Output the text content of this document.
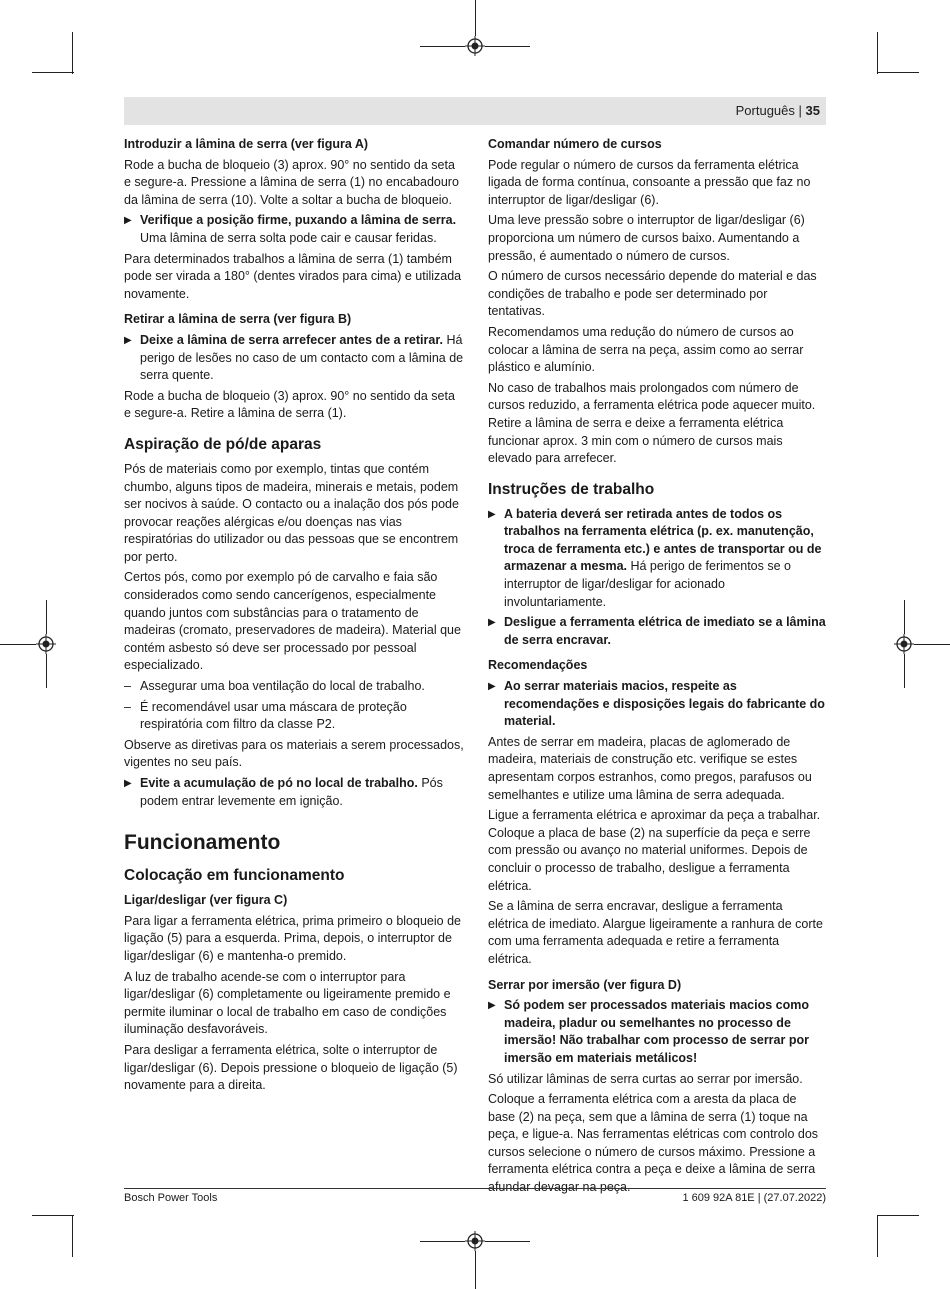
Português | 35
Introduzir a lâmina de serra (ver figura A)

Rode a bucha de bloqueio (3) aprox. 90° no sentido da seta e segure-a. Pressione a lâmina de serra (1) no encabadouro da lâmina de serra (10). Volte a soltar a bucha de bloqueio.

▶ Verifique a posição firme, puxando a lâmina de serra. Uma lâmina de serra solta pode cair e causar feridas.

Para determinados trabalhos a lâmina de serra (1) também pode ser virada a 180° (dentes virados para cima) e utilizada novamente.

Retirar a lâmina de serra (ver figura B)
▶ Deixe a lâmina de serra arrefecer antes de a retirar. Há perigo de lesões no caso de um contacto com a lâmina de serra quente.

Rode a bucha de bloqueio (3) aprox. 90° no sentido da seta e segure-a. Retire a lâmina de serra (1).

Aspiração de pó/de aparas

Pós de materiais como por exemplo, tintas que contém chumbo, alguns tipos de madeira, minerais e metais, podem ser nocivos à saúde. O contacto ou a inalação dos pós pode provocar reações alérgicas e/ou doenças nas vias respiratórias do utilizador ou das pessoas que se encontrem por perto.

Certos pós, como por exemplo pó de carvalho e faia são considerados como sendo cancerígenos, especialmente quando juntos com substâncias para o tratamento de madeiras (cromato, preservadores de madeira). Material que contém asbesto só deve ser processado por pessoal especializado.

– Assegurar uma boa ventilação do local de trabalho.
– É recomendável usar uma máscara de proteção respiratória com filtro da classe P2.

Observe as diretivas para os materiais a serem processados, vigentes no seu país.

▶ Evite a acumulação de pó no local de trabalho. Pós podem entrar levemente em ignição.
Funcionamento
Colocação em funcionamento
Ligar/desligar (ver figura C)

Para ligar a ferramenta elétrica, prima primeiro o bloqueio de ligação (5) para a esquerda. Prima, depois, o interruptor de ligar/desligar (6) e mantenha-o premido.

A luz de trabalho acende-se com o interruptor para ligar/desligar (6) completamente ou ligeiramente premido e permite iluminar o local de trabalho em caso de condições iluminação desfavoráveis.

Para desligar a ferramenta elétrica, solte o interruptor de ligar/desligar (6). Depois pressione o bloqueio de ligação (5) novamente para a direita.

Comandar número de cursos

Pode regular o número de cursos da ferramenta elétrica ligada de forma contínua, consoante a pressão que faz no interruptor de ligar/desligar (6).

Uma leve pressão sobre o interruptor de ligar/desligar (6) proporciona um número de cursos baixo. Aumentando a pressão, é aumentado o número de cursos.

O número de cursos necessário depende do material e das condições de trabalho e pode ser determinado por tentativas.

Recomendamos uma redução do número de cursos ao colocar a lâmina de serra na peça, assim como ao serrar plástico e alumínio.

No caso de trabalhos mais prolongados com número de cursos reduzido, a ferramenta elétrica pode aquecer muito. Retire a lâmina de serra e deixe a ferramenta elétrica funcionar aprox. 3 min com o número de cursos mais elevado para arrefecer.

Instruções de trabalho
▶ A bateria deverá ser retirada antes de todos os trabalhos na ferramenta elétrica (p. ex. manutenção, troca de ferramenta etc.) e antes de transportar ou de armazenar a mesma. Há perigo de ferimentos se o interruptor de ligar/desligar for acionado involuntariamente.
▶ Desligue a ferramenta elétrica de imediato se a lâmina de serra encravar.
Recomendações
▶ Ao serrar materiais macios, respeite as recomendações e disposições legais do fabricante do material.

Antes de serrar em madeira, placas de aglomerado de madeira, materiais de construção etc. verifique se estes apresentam corpos estranhos, como pregos, parafusos ou semelhantes e utilize uma lâmina de serra adequada.

Ligue a ferramenta elétrica e aproximar da peça a trabalhar. Coloque a placa de base (2) na superfície da peça e serre com pressão ou avanço no material uniformes. Depois de concluir o processo de trabalho, desligue a ferramenta elétrica.

Se a lâmina de serra encravar, desligue a ferramenta elétrica de imediato. Alargue ligeiramente a ranhura de corte com uma ferramenta adequada e retire a ferramenta elétrica.

Serrar por imersão (ver figura D)
▶ Só podem ser processados materiais macios como madeira, pladur ou semelhantes no processo de imersão! Não trabalhar com processo de serrar por imersão em materiais metálicos!

Só utilizar lâminas de serra curtas ao serrar por imersão.

Coloque a ferramenta elétrica com a aresta da placa de base (2) na peça, sem que a lâmina de serra (1) toque na peça, e ligue-a. Nas ferramentas elétricas com controlo dos cursos selecione o número de cursos máximo. Pressione a ferramenta elétrica contra a peça e deixe a lâmina de serra

Bosch Power Tools	1 609 92A 81E | (27.07.2022)
